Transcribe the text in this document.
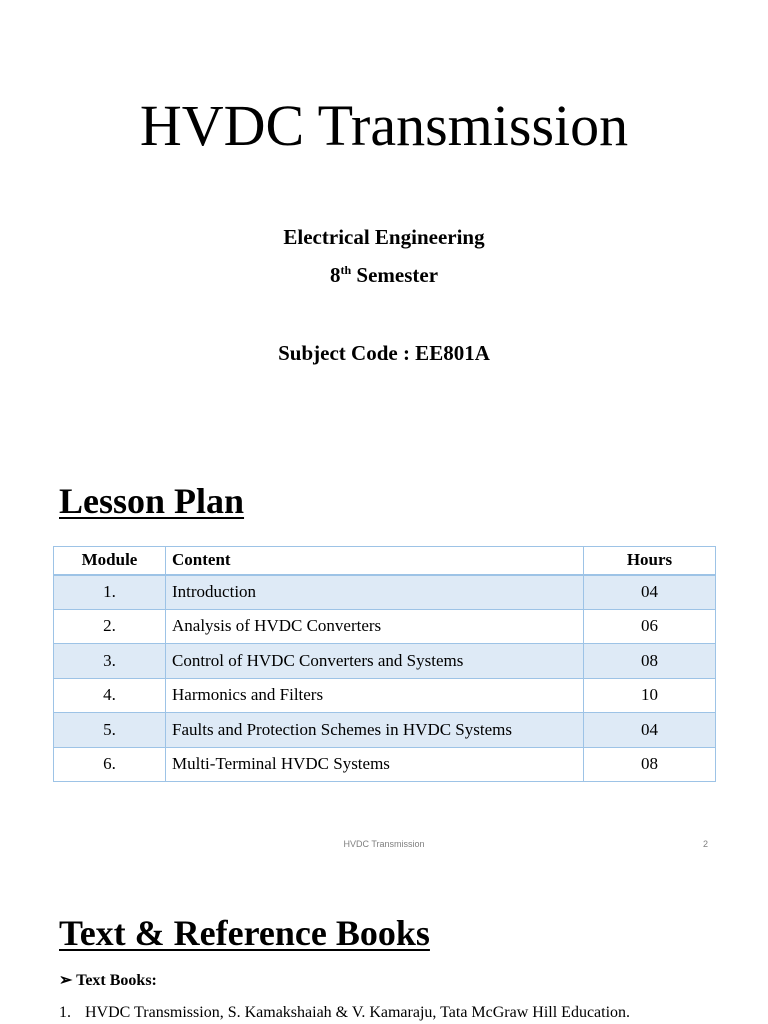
HVDC Transmission
Electrical Engineering
8th Semester
Subject Code : EE801A
Lesson Plan
Module	Content	Hours
1.	Introduction	04
2.	Analysis of HVDC Converters	06
3.	Control of HVDC Converters and Systems	08
4.	Harmonics and Filters	10
5.	Faults and Protection Schemes in HVDC Systems	04
6.	Multi-Terminal HVDC Systems	08
HVDC Transmission	2
Text & Reference Books
➢ Text Books:
1. HVDC Transmission, S. Kamakshaiah & V. Kamaraju, Tata McGraw Hill Education.
